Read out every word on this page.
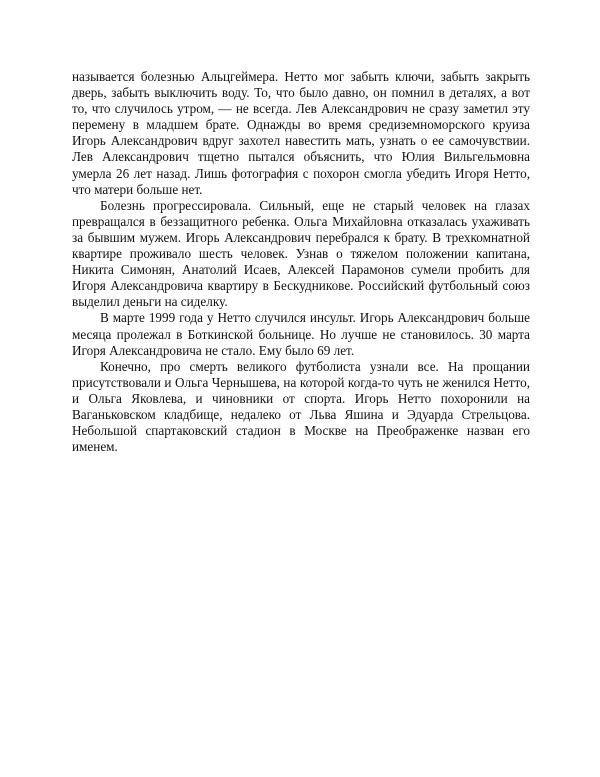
называется болезнью Альцгеймера. Нетто мог забыть ключи, забыть закрыть дверь, забыть выключить воду. То, что было давно, он помнил в деталях, а вот то, что случилось утром, — не всегда. Лев Александрович не сразу заметил эту перемену в младшем брате. Однажды во время средиземноморского круиза Игорь Александрович вдруг захотел навестить мать, узнать о ее самочувствии. Лев Александрович тщетно пытался объяснить, что Юлия Вильгельмовна умерла 26 лет назад. Лишь фотография с похорон смогла убедить Игоря Нетто, что матери больше нет.

Болезнь прогрессировала. Сильный, еще не старый человек на глазах превращался в беззащитного ребенка. Ольга Михайловна отказалась ухаживать за бывшим мужем. Игорь Александрович перебрался к брату. В трехкомнатной квартире проживало шесть человек. Узнав о тяжелом положении капитана, Никита Симонян, Анатолий Исаев, Алексей Парамонов сумели пробить для Игоря Александровича квартиру в Бескудникове. Российский футбольный союз выделил деньги на сиделку.

В марте 1999 года у Нетто случился инсульт. Игорь Александрович больше месяца пролежал в Боткинской больнице. Но лучше не становилось. 30 марта Игоря Александровича не стало. Ему было 69 лет.

Конечно, про смерть великого футболиста узнали все. На прощании присутствовали и Ольга Чернышева, на которой когда-то чуть не женился Нетто, и Ольга Яковлева, и чиновники от спорта. Игорь Нетто похоронили на Ваганьковском кладбище, недалеко от Льва Яшина и Эдуарда Стрельцова. Небольшой спартаковский стадион в Москве на Преображенке назван его именем.
